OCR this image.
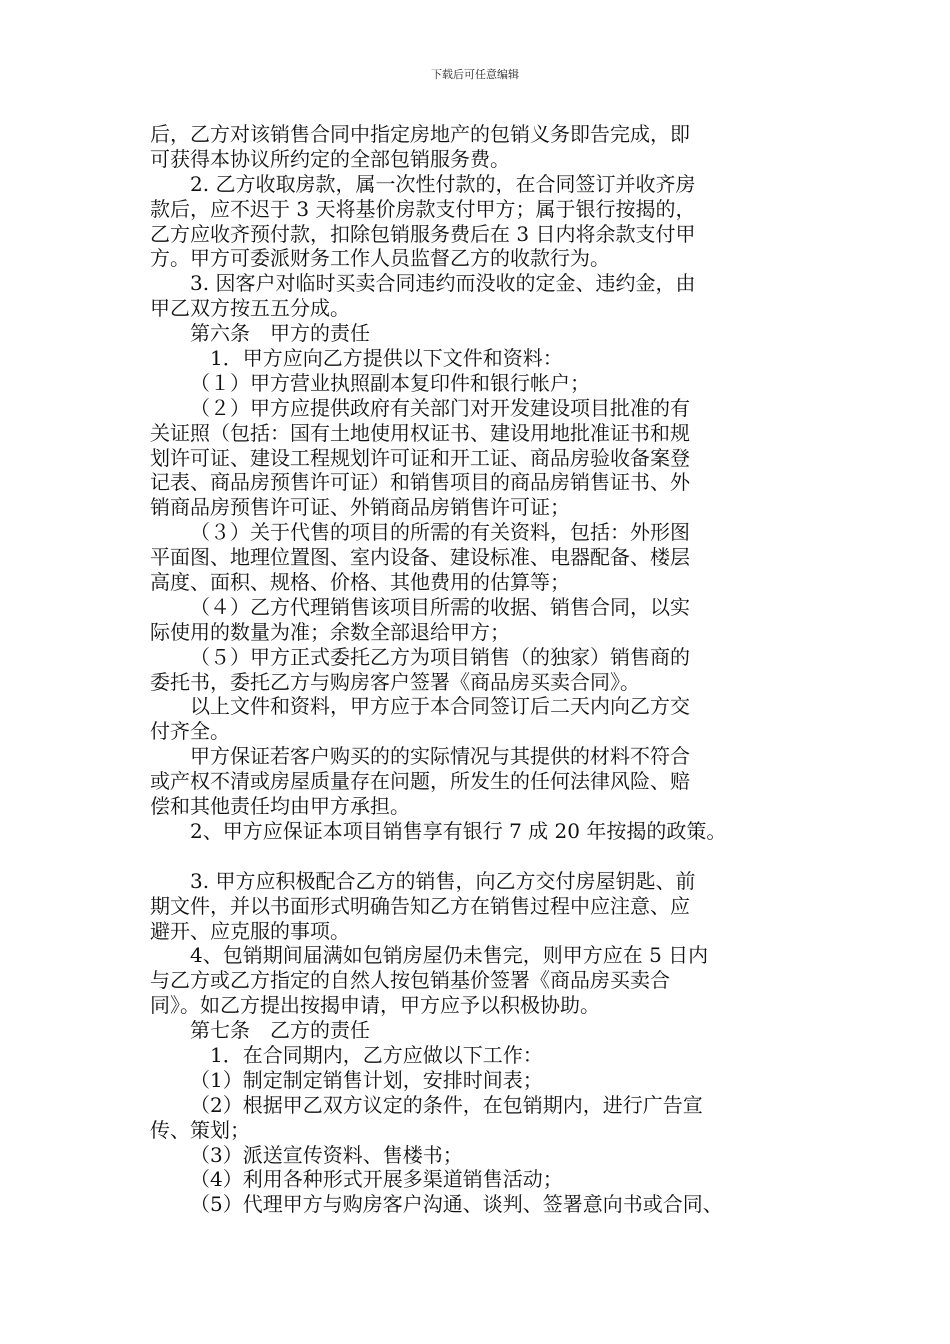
下载后可任意编辑
后，乙方对该销售合同中指定房地产的包销义务即告完成，即
可获得本协议所约定的全部包销服务费。
2. 乙方收取房款，属一次性付款的，在合同签订并收齐房
款后，应不迟于 3 天将基价房款支付甲方；属于银行按揭的，
乙方应收齐预付款，扣除包销服务费后在 3 日内将余款支付甲
方。甲方可委派财务工作人员监督乙方的收款行为。
3. 因客户对临时买卖合同违约而没收的定金、违约金，由
甲乙双方按五五分成。
第六条　甲方的责任
1．甲方应向乙方提供以下文件和资料：
（１）甲方营业执照副本复印件和银行帐户；
（２）甲方应提供政府有关部门对开发建设项目批准的有
关证照（包括：国有土地使用权证书、建设用地批准证书和规
划许可证、建设工程规划许可证和开工证、商品房验收备案登
记表、商品房预售许可证）和销售项目的商品房销售证书、外
销商品房预售许可证、外销商品房销售许可证；
（３）关于代售的项目的所需的有关资料，包括：外形图
平面图、地理位置图、室内设备、建设标准、电器配备、楼层
高度、面积、规格、价格、其他费用的估算等；
（４）乙方代理销售该项目所需的收据、销售合同，以实
际使用的数量为准；余数全部退给甲方；
（５）甲方正式委托乙方为项目销售（的独家）销售商的
委托书，委托乙方与购房客户签署《商品房买卖合同》。
以上文件和资料，甲方应于本合同签订后二天内向乙方交
付齐全。
甲方保证若客户购买的的实际情况与其提供的材料不符合
或产权不清或房屋质量存在问题，所发生的任何法律风险、赔
偿和其他责任均由甲方承担。
2、甲方应保证本项目销售享有银行 7 成 20 年按揭的政策。
3. 甲方应积极配合乙方的销售，向乙方交付房屋钥匙、前
期文件，并以书面形式明确告知乙方在销售过程中应注意、应
避开、应克服的事项。
4、包销期间届满如包销房屋仍未售完，则甲方应在 5 日内
与乙方或乙方指定的自然人按包销基价签署《商品房买卖合
同》。如乙方提出按揭申请，甲方应予以积极协助。
第七条　乙方的责任
1．在合同期内，乙方应做以下工作：
（1）制定制定销售计划，安排时间表；
（2）根据甲乙双方议定的条件，在包销期内，进行广告宣
传、策划；
（3）派送宣传资料、售楼书；
（4）利用各种形式开展多渠道销售活动；
（5）代理甲方与购房客户沟通、谈判、签署意向书或合同、
